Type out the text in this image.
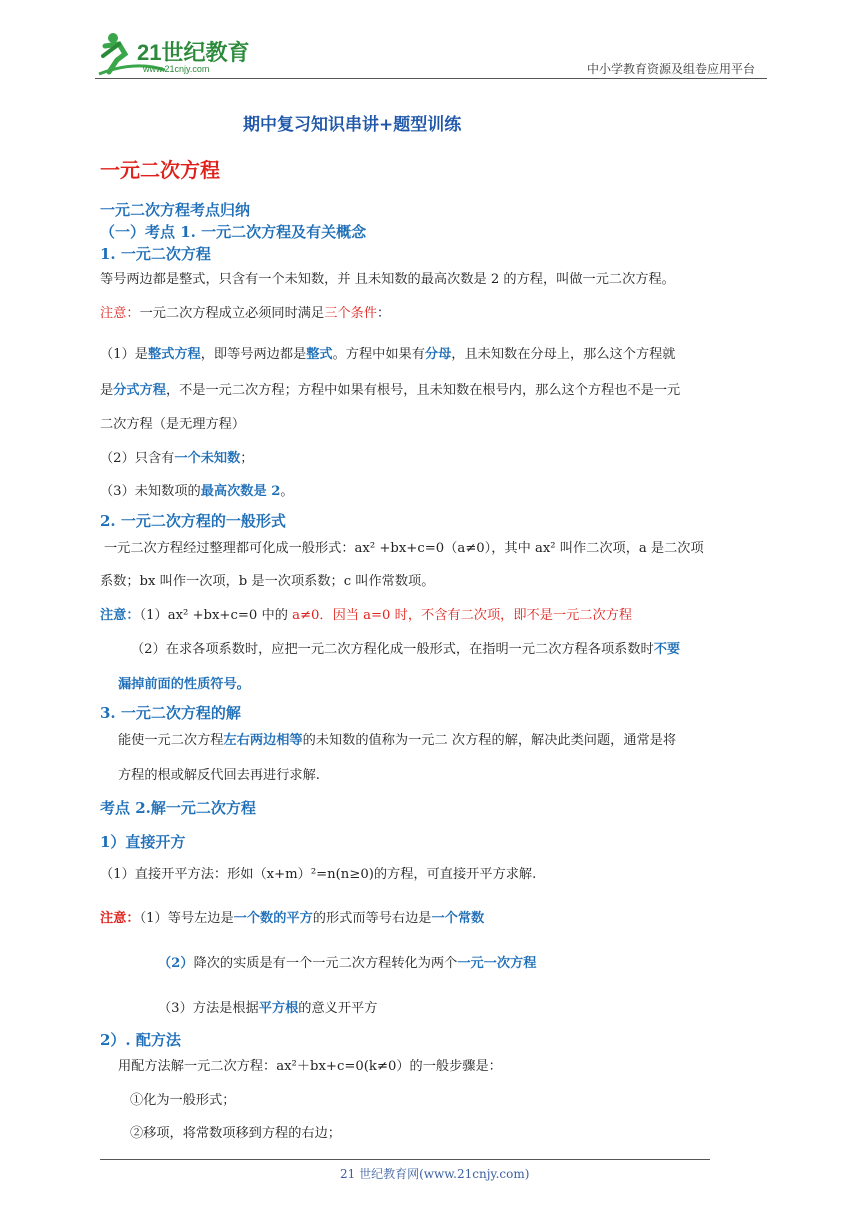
21世纪教育
www.21cnjy.com	中小学教育资源及组卷应用平台
期中复习知识串讲+题型训练
一元二次方程
一元二次方程考点归纳
（一）考点 1. 一元二次方程及有关概念
1. 一元二次方程
等号两边都是整式，只含有一个未知数，并 且未知数的最高次数是 2 的方程，叫做一元二次方程。
注意：一元二次方程成立必须同时满足三个条件：
（1）是整式方程，即等号两边都是整式。方程中如果有分母，且未知数在分母上，那么这个方程就
是分式方程，不是一元二次方程；方程中如果有根号，且未知数在根号内，那么这个方程也不是一元
二次方程（是无理方程）
（2）只含有一个未知数；
（3）未知数项的最高次数是 2。
2. 一元二次方程的一般形式
一元二次方程经过整理都可化成一般形式：ax² +bx+c=0（a≠0），其中 ax² 叫作二次项，a 是二次项
系数；bx 叫作一次项，b 是一次项系数；c 叫作常数项。
注意：（1）ax² +bx+c=0 中的 a≠0．因当 a=0 时，不含有二次项，即不是一元二次方程
（2）在求各项系数时，应把一元二次方程化成一般形式，在指明一元二次方程各项系数时不要
漏掉前面的性质符号。
3. 一元二次方程的解
能使一元二次方程左右两边相等的未知数的值称为一元二 次方程的解，解决此类问题，通常是将
方程的根或解反代回去再进行求解.
考点 2.解一元二次方程
1）直接开方
（1）直接开平方法：形如（x+m）²=n(n≥0)的方程，可直接开平方求解.
注意：（1）等号左边是一个数的平方的形式而等号右边是一个常数
（2）降次的实质是有一个一元二次方程转化为两个一元一次方程
（3）方法是根据平方根的意义开平方
2）. 配方法
用配方法解一元二次方程：ax²＋bx+c=0(k≠0）的一般步骤是：
①化为一般形式；
②移项，将常数项移到方程的右边；
21 世纪教育网(www.21cnjy.com)
